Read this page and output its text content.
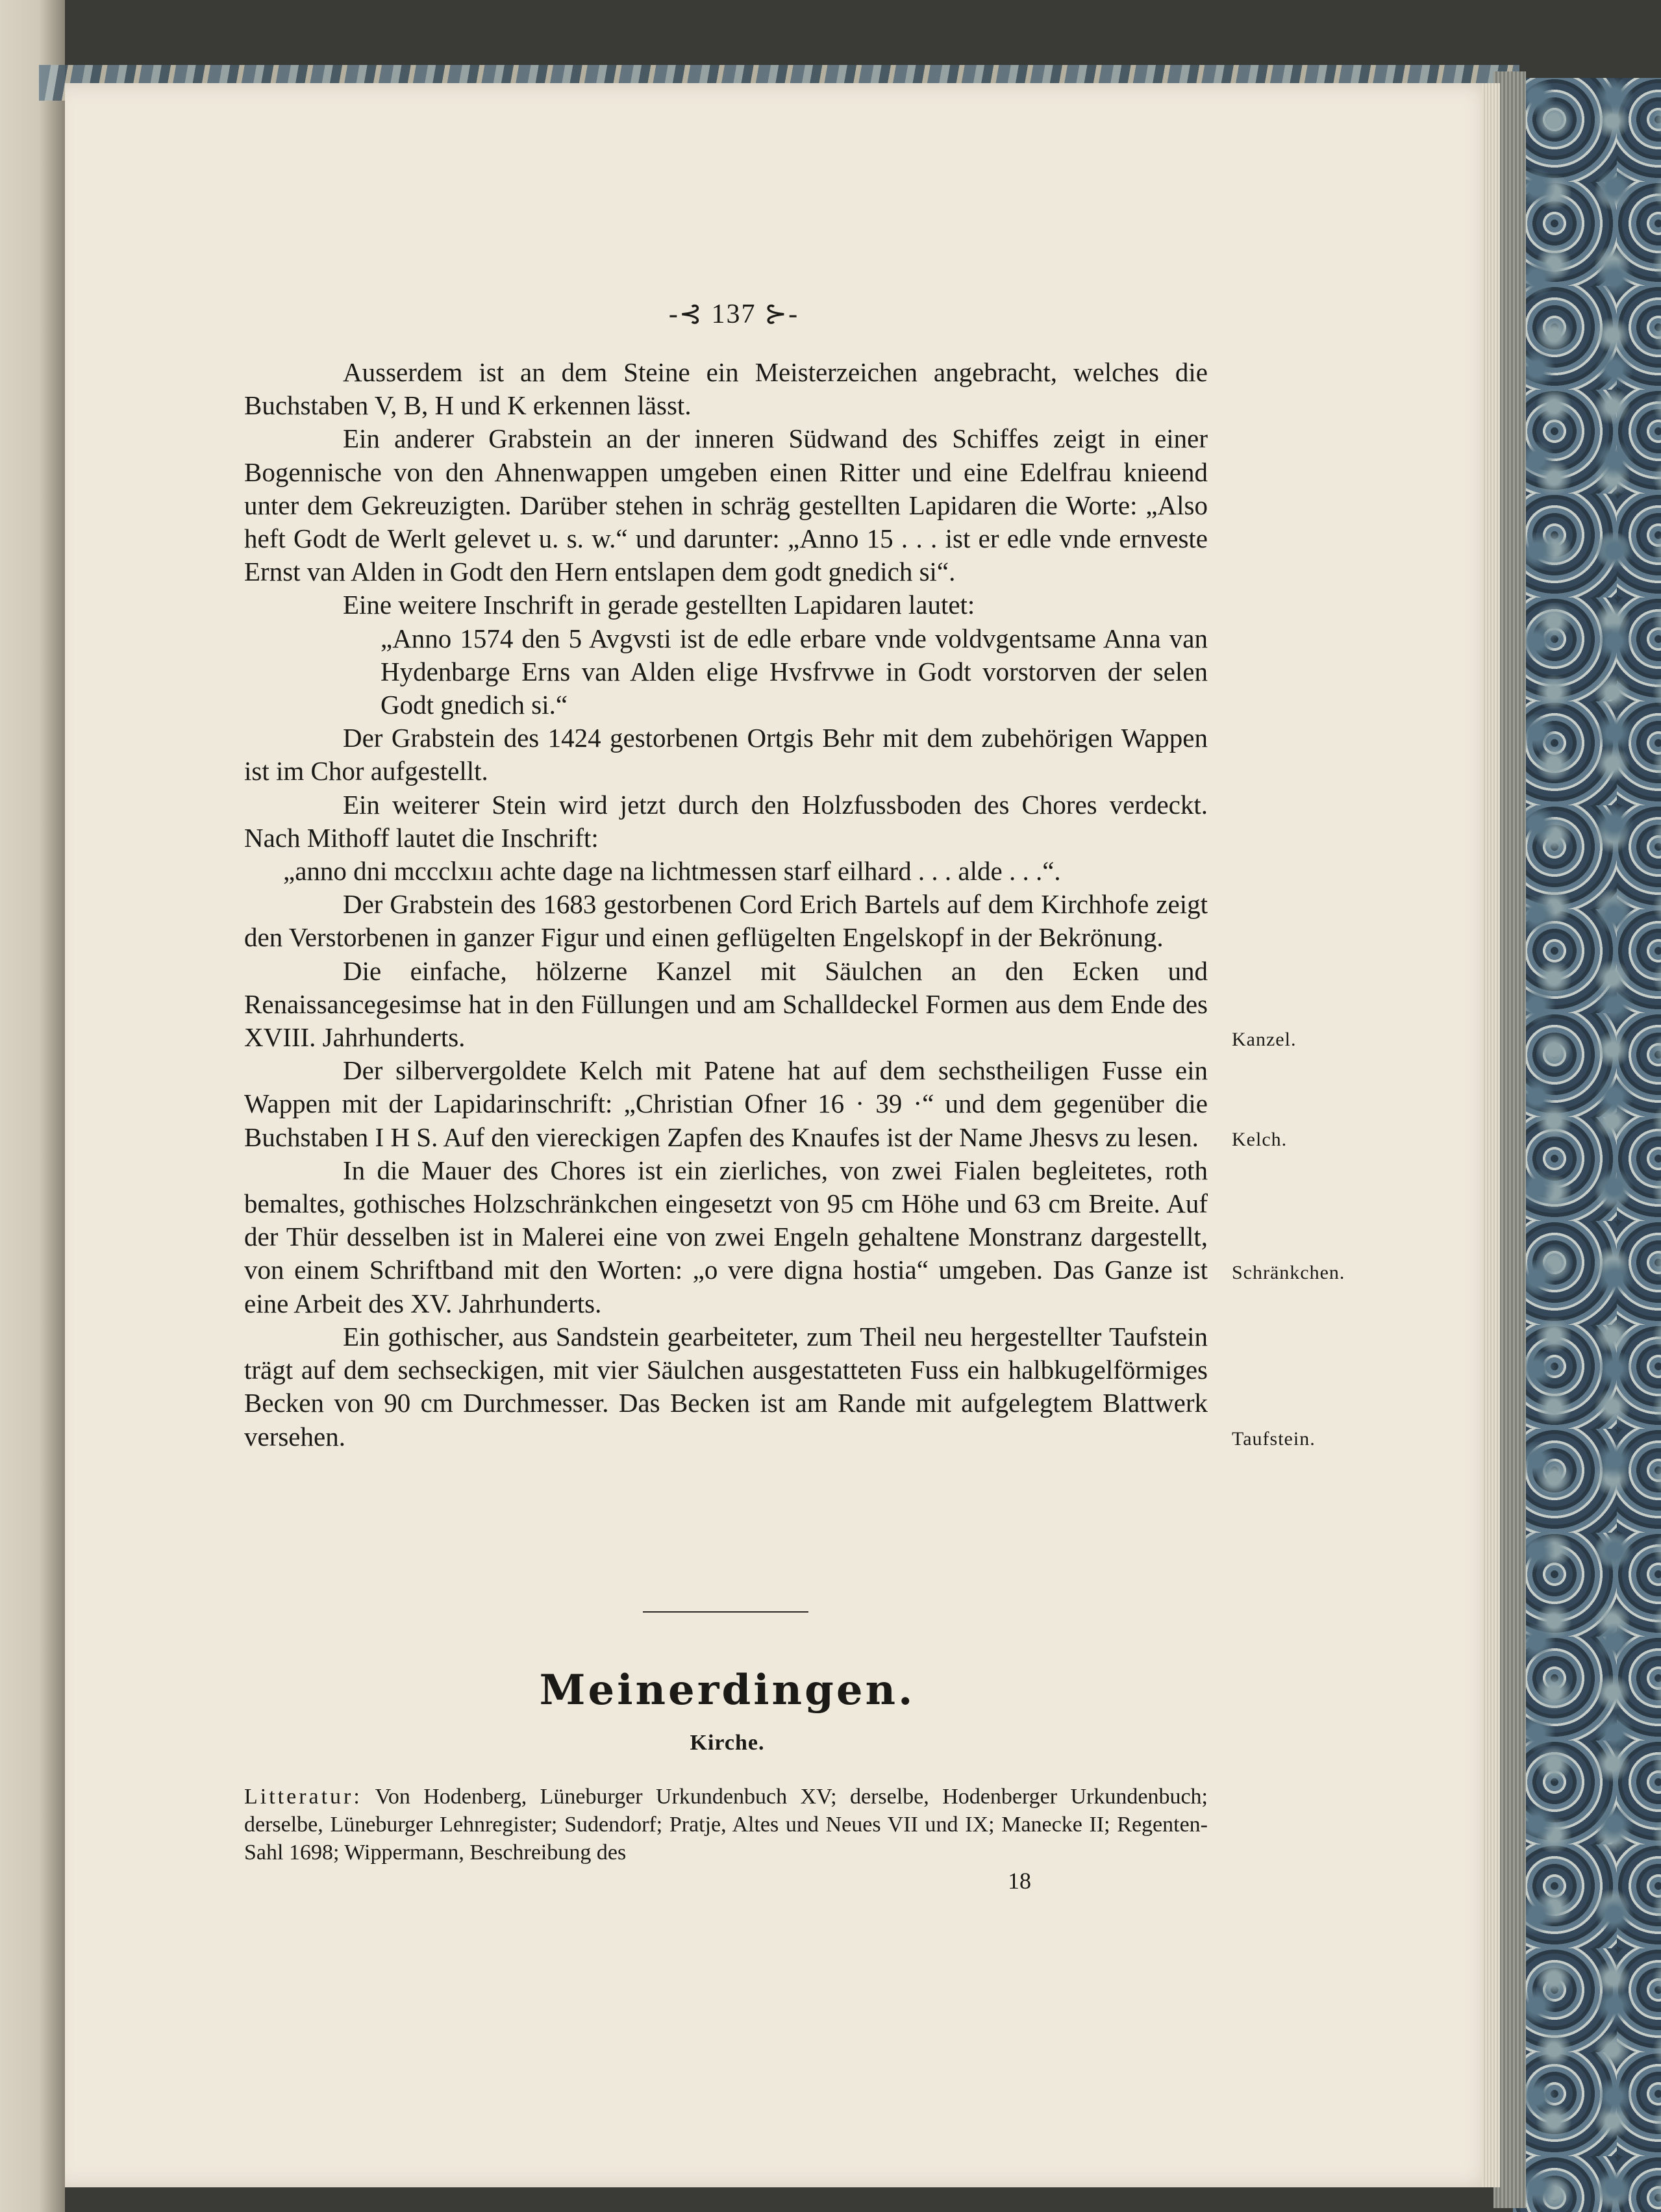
-⊰ 137 ⊱-

Ausserdem ist an dem Steine ein Meisterzeichen angebracht, welches die Buchstaben V, B, H und K erkennen lässt.

Ein anderer Grabstein an der inneren Südwand des Schiffes zeigt in einer Bogennische von den Ahnenwappen umgeben einen Ritter und eine Edelfrau knieend unter dem Gekreuzigten. Darüber stehen in schräg gestellten Lapidaren die Worte: „Also heft Godt de Werlt gelevet u. s. w.“ und darunter: „Anno 15 . . . ist er edle vnde ernveste Ernst van Alden in Godt den Hern entslapen dem godt gnedich si“.

Eine weitere Inschrift in gerade gestellten Lapidaren lautet:

„Anno 1574 den 5 Avgvsti ist de edle erbare vnde voldvgentsame Anna van Hydenbarge Erns van Alden elige Hvsfrvwe in Godt vorstorven der selen Godt gnedich si.“

Der Grabstein des 1424 gestorbenen Ortgis Behr mit dem zubehörigen Wappen ist im Chor aufgestellt.

Ein weiterer Stein wird jetzt durch den Holzfussboden des Chores verdeckt. Nach Mithoff lautet die Inschrift:

„anno dni mccclxııı achte dage na lichtmessen starf eilhard . . . alde . . .“.

Der Grabstein des 1683 gestorbenen Cord Erich Bartels auf dem Kirchhofe zeigt den Verstorbenen in ganzer Figur und einen geflügelten Engelskopf in der Bekrönung.

Die einfache, hölzerne Kanzel mit Säulchen an den Ecken und Renaissancegesimse hat in den Füllungen und am Schalldeckel Formen aus dem Ende des XVIII. Jahrhunderts.

Der silbervergoldete Kelch mit Patene hat auf dem sechstheiligen Fusse ein Wappen mit der Lapidarinschrift: „Christian Ofner 16 · 39 ·“ und dem gegenüber die Buchstaben I H S. Auf den viereckigen Zapfen des Knaufes ist der Name Jhesvs zu lesen.

In die Mauer des Chores ist ein zierliches, von zwei Fialen begleitetes, roth bemaltes, gothisches Holzschränkchen eingesetzt von 95 cm Höhe und 63 cm Breite. Auf der Thür desselben ist in Malerei eine von zwei Engeln gehaltene Monstranz dargestellt, von einem Schriftband mit den Worten: „o vere digna hostia“ umgeben. Das Ganze ist eine Arbeit des XV. Jahrhunderts.

Ein gothischer, aus Sandstein gearbeiteter, zum Theil neu hergestellter Taufstein trägt auf dem sechseckigen, mit vier Säulchen ausgestatteten Fuss ein halbkugelförmiges Becken von 90 cm Durchmesser. Das Becken ist am Rande mit aufgelegtem Blattwerk versehen.

Kanzel.
Kelch.
Schränkchen.
Taufstein.
Meinerdingen.
Kirche.
Litteratur: Von Hodenberg, Lüneburger Urkundenbuch XV; derselbe, Hodenberger Urkundenbuch; derselbe, Lüneburger Lehnregister; Sudendorf; Pratje, Altes und Neues VII und IX; Manecke II; Regenten-Sahl 1698; Wippermann, Beschreibung des
18
